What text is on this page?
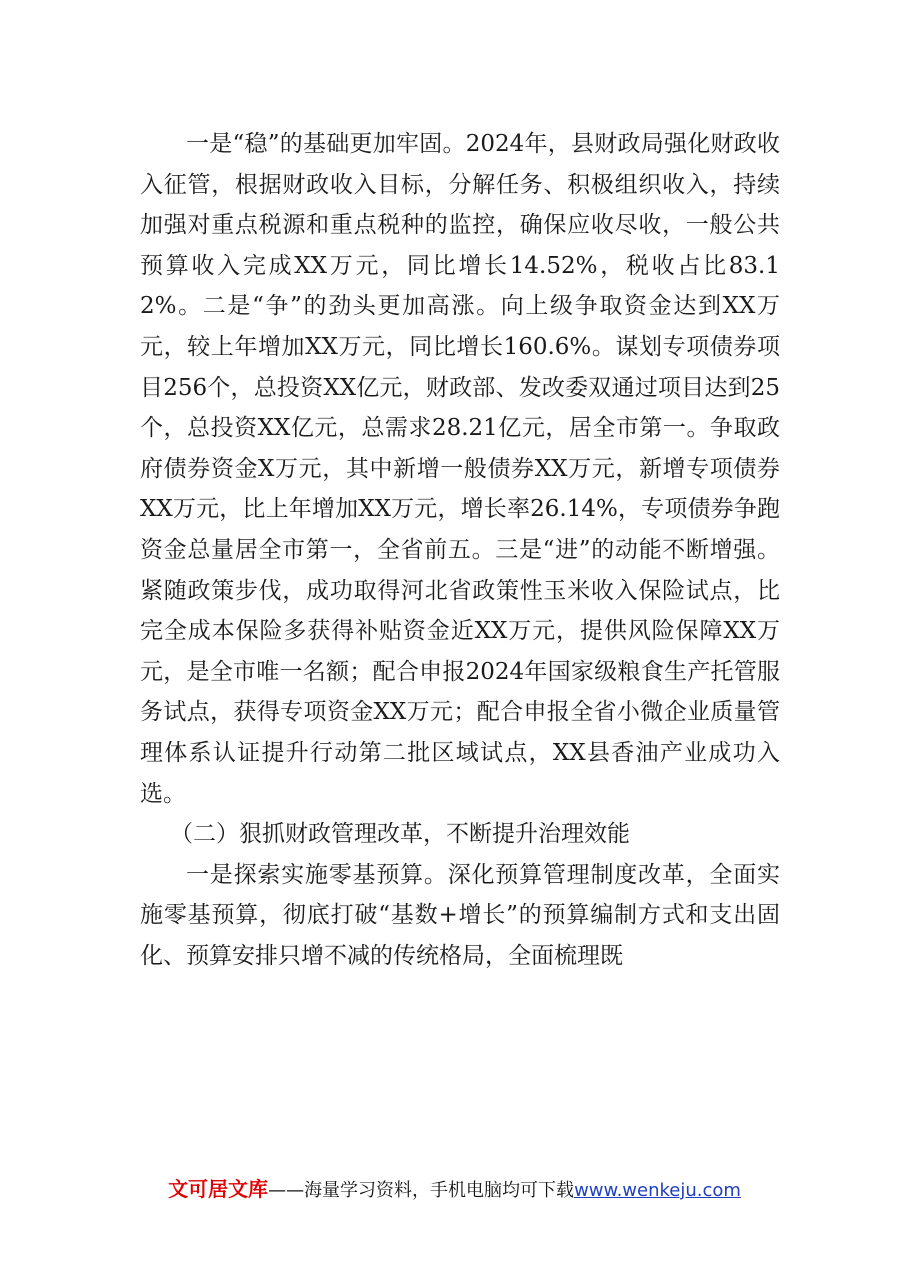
一是“稳”的基础更加牢固。2024年，县财政局强化财政收入征管，根据财政收入目标，分解任务、积极组织收入，持续加强对重点税源和重点税种的监控，确保应收尽收，一般公共预算收入完成XX万元，同比增长14.52%，税收占比83.12%。二是“争”的劲头更加高涨。向上级争取资金达到XX万元，较上年增加XX万元，同比增长160.6%。谋划专项债券项目256个，总投资XX亿元，财政部、发改委双通过项目达到25个，总投资XX亿元，总需求28.21亿元，居全市第一。争取政府债券资金X万元，其中新增一般债券XX万元，新增专项债券XX万元，比上年增加XX万元，增长率26.14%，专项债券争跑资金总量居全市第一，全省前五。三是“进”的动能不断增强。紧随政策步伐，成功取得河北省政策性玉米收入保险试点，比完全成本保险多获得补贴资金近XX万元，提供风险保障XX万元，是全市唯一名额；配合申报2024年国家级粮食生产托管服务试点，获得专项资金XX万元；配合申报全省小微企业质量管理体系认证提升行动第二批区域试点，XX县香油产业成功入选。

（二）狠抓财政管理改革，不断提升治理效能

一是探索实施零基预算。深化预算管理制度改革，全面实施零基预算，彻底打破“基数+增长”的预算编制方式和支出固化、预算安排只增不减的传统格局，全面梳理既

文可居文库——海量学习资料，手机电脑均可下载www.wenkeju.com
